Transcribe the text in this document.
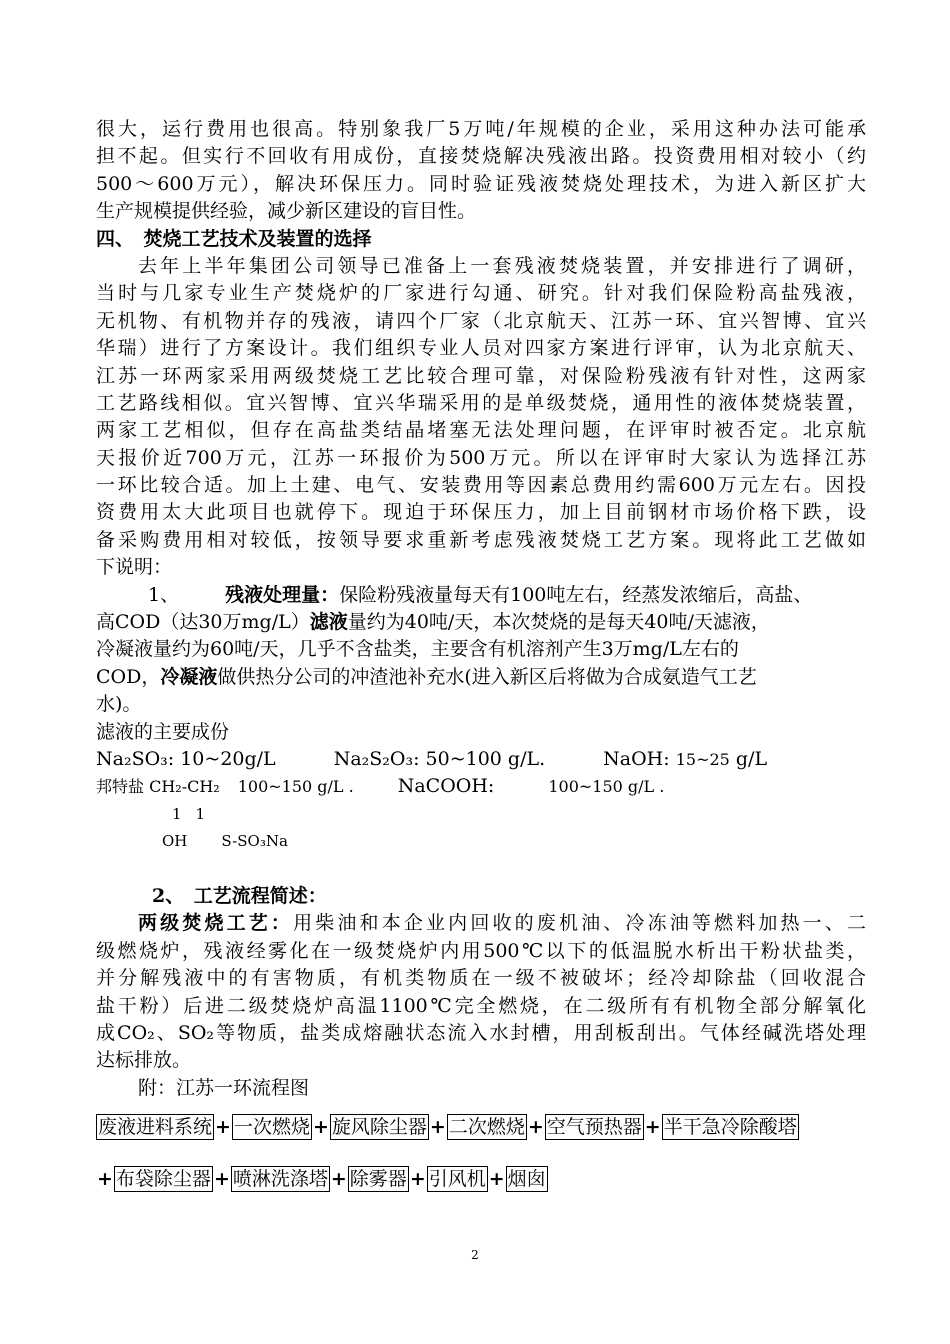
很大，运行费用也很高。特别象我厂5万吨/年规模的企业，采用这种办法可能承
担不起。但实行不回收有用成份，直接焚烧解决残液出路。投资费用相对较小（约
500～600万元），解决环保压力。同时验证残液焚烧处理技术，为进入新区扩大
生产规模提供经验，减少新区建设的盲目性。
四、　焚烧工艺技术及装置的选择
去年上半年集团公司领导已准备上一套残液焚烧装置，并安排进行了调研，
当时与几家专业生产焚烧炉的厂家进行勾通、研究。针对我们保险粉高盐残液，
无机物、有机物并存的残液，请四个厂家（北京航天、江苏一环、宜兴智博、宜兴
华瑞）进行了方案设计。我们组织专业人员对四家方案进行评审，认为北京航天、
江苏一环两家采用两级焚烧工艺比较合理可靠，对保险粉残液有针对性，这两家
工艺路线相似。宜兴智博、宜兴华瑞采用的是单级焚烧，通用性的液体焚烧装置，
两家工艺相似，但存在高盐类结晶堵塞无法处理问题，在评审时被否定。北京航
天报价近700万元，江苏一环报价为500万元。所以在评审时大家认为选择江苏
一环比较合适。加上土建、电气、安装费用等因素总费用约需600万元左右。因投
资费用太大此项目也就停下。现迫于环保压力，加上目前钢材市场价格下跌，设
备采购费用相对较低，按领导要求重新考虑残液焚烧工艺方案。现将此工艺做如
下说明：
1、 残液处理量：保险粉残液量每天有100吨左右，经蒸发浓缩后，高盐、
高COD（达30万mg/L）滤液量约为40吨/天，本次焚烧的是每天40吨/天滤液，
冷凝液量约为60吨/天，几乎不含盐类，主要含有机溶剂产生3万mg/L左右的
COD，冷凝液做供热分公司的冲渣池补充水(进入新区后将做为合成氨造气工艺
水)。
滤液的主要成份
Na₂SO₃: 10~20g/L	Na₂S₂O₃: 50~100 g/L.	NaOH: 15~25 g/L
邦特盐 CH₂-CH₂ 100~150 g/L . NaCOOH:	100~150 g/L .
1 1
OH S-SO₃Na
2、　工艺流程简述：
两级焚烧工艺：用柴油和本企业内回收的废机油、冷冻油等燃料加热一、二
级燃烧炉，残液经雾化在一级焚烧炉内用500℃以下的低温脱水析出干粉状盐类，
并分解残液中的有害物质，有机类物质在一级不被破坏；经冷却除盐（回收混合
盐干粉）后进二级焚烧炉高温1100℃完全燃烧，在二级所有有机物全部分解氧化
成CO₂、SO₂等物质，盐类成熔融状态流入水封槽，用刮板刮出。气体经碱洗塔处理
达标排放。
附：江苏一环流程图
废液进料系统 + 一次燃烧 + 旋风除尘器 + 二次燃烧 + 空气预热器 + 半干急冷除酸塔
+ 布袋除尘器 + 喷淋洗涤塔 + 除雾器 + 引风机 + 烟囱
2
